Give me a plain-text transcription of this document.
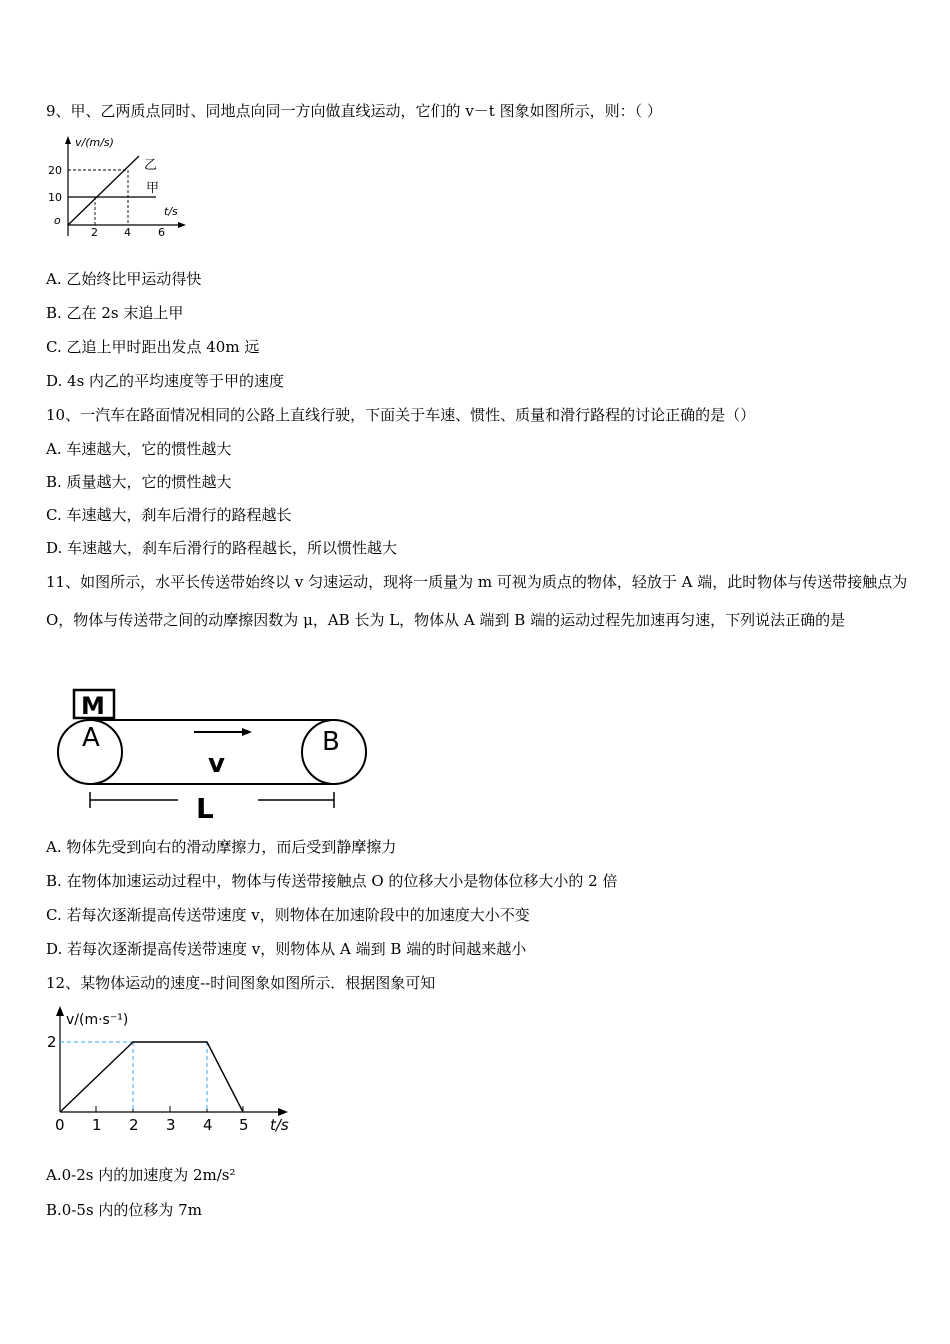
9、甲、乙两质点同时、同地点向同一方向做直线运动，它们的 v－t 图象如图所示，则：（ ）
v/(m/s)
20
10
o
2 4 6
t/s
乙
甲
A. 乙始终比甲运动得快
B. 乙在 2s 末追上甲
C. 乙追上甲时距出发点 40m 远
D. 4s 内乙的平均速度等于甲的速度
10、一汽车在路面情况相同的公路上直线行驶，下面关于车速、惯性、质量和滑行路程的讨论正确的是（）
A. 车速越大，它的惯性越大
B. 质量越大，它的惯性越大
C. 车速越大，刹车后滑行的路程越长
D. 车速越大，刹车后滑行的路程越长，所以惯性越大
11、如图所示，水平长传送带始终以 v 匀速运动，现将一质量为 m 可视为质点的物体，轻放于 A 端，此时物体与传送带接触点为 O，物体与传送带之间的动摩擦因数为 μ，AB 长为 L，物体从 A 端到 B 端的运动过程先加速再匀速，下列说法正确的是
M
A	B
v
L
A. 物体先受到向右的滑动摩擦力，而后受到静摩擦力
B. 在物体加速运动过程中，物体与传送带接触点 O 的位移大小是物体位移大小的 2 倍
C. 若每次逐渐提高传送带速度 v，则物体在加速阶段中的加速度大小不变
D. 若每次逐渐提高传送带速度 v，则物体从 A 端到 B 端的时间越来越小
12、某物体运动的速度--时间图象如图所示．根据图象可知
v/(m·s⁻¹)
2
0 1 2 3 4 5 t/s
A.0-2s 内的加速度为 2m/s²
B.0-5s 内的位移为 7m
